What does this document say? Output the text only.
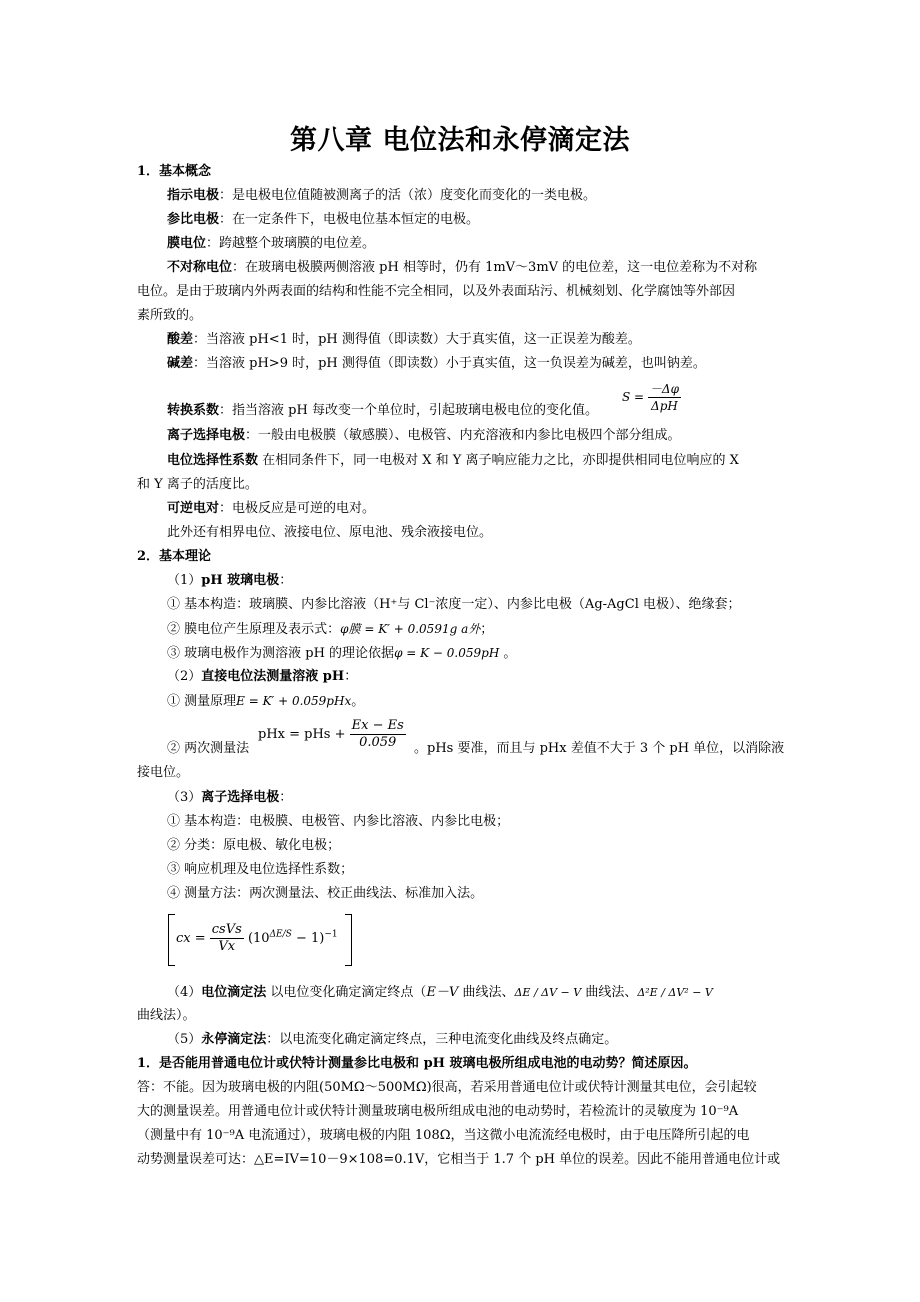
第八章 电位法和永停滴定法
1．基本概念
指示电极：是电极电位值随被测离子的活（浓）度变化而变化的一类电极。
参比电极：在一定条件下，电极电位基本恒定的电极。
膜电位：跨越整个玻璃膜的电位差。
不对称电位：在玻璃电极膜两侧溶液 pH 相等时，仍有 1mV～3mV 的电位差，这一电位差称为不对称
电位。是由于玻璃内外两表面的结构和性能不完全相同，以及外表面玷污、机械刻划、化学腐蚀等外部因
素所致的。
酸差：当溶液 pH<1 时，pH 测得值（即读数）大于真实值，这一正误差为酸差。
碱差：当溶液 pH>9 时，pH 测得值（即读数）小于真实值，这一负误差为碱差，也叫钠差。
转换系数：指当溶液 pH 每改变一个单位时，引起玻璃电极电位的变化值。
$S = \frac{-\Delta\varphi}{\text{ΔpH}}$
离子选择电极：一般由电极膜（敏感膜）、电极管、内充溶液和内参比电极四个部分组成。
电位选择性系数 在相同条件下，同一电极对 X 和 Y 离子响应能力之比，亦即提供相同电位响应的 X
和 Y 离子的活度比。
可逆电对：电极反应是可逆的电对。
此外还有相界电位、液接电位、原电池、残余液接电位。
2．基本理论
（1）pH 玻璃电极：
① 基本构造：玻璃膜、内参比溶液（H⁺与 Cl⁻浓度一定）、内参比电极（Ag-AgCl 电极）、绝缘套；
② 膜电位产生原理及表示式：φ膜 = K′ + 0.0591g a外；
③ 玻璃电极作为测溶液 pH 的理论依据φ = K − 0.059pH 。
（2）直接电位法测量溶液 pH：
① 测量原理E = K′ + 0.059pHx。
② 两次测量法
pHx = pHs + $\frac{Ex - Es}{0.059}$ 。pHs 要准，而且与 pHx 差值不大于 3 个 pH 单位，以消除液
接电位。
（3）离子选择电极：
① 基本构造：电极膜、电极管、内参比溶液、内参比电极；
② 分类：原电极、敏化电极；
③ 响应机理及电位选择性系数；
④ 测量方法：两次测量法、校正曲线法、标准加入法。
cx = $\frac{\text{csVs}}{Vx} (10^{\Delta E/S} - 1)^{-1}$
（4）电位滴定法 以电位变化确定滴定终点（E－V 曲线法、ΔE / ΔV − V 曲线法、Δ²E / ΔV² − V
曲线法）。
（5）永停滴定法：以电流变化确定滴定终点，三种电流变化曲线及终点确定。
1．是否能用普通电位计或伏特计测量参比电极和 pH 玻璃电极所组成电池的电动势？简述原因。
答：不能。因为玻璃电极的内阻(50MΩ～500MΩ)很高，若采用普通电位计或伏特计测量其电位，会引起较
大的测量误差。用普通电位计或伏特计测量玻璃电极所组成电池的电动势时，若检流计的灵敏度为 10⁻⁹A
（测量中有 10⁻⁹A 电流通过），玻璃电极的内阻 108Ω，当这微小电流流经电极时，由于电压降所引起的电
动势测量误差可达：△E=IV=10－9×108=0.1V，它相当于 1.7 个 pH 单位的误差。因此不能用普通电位计或
